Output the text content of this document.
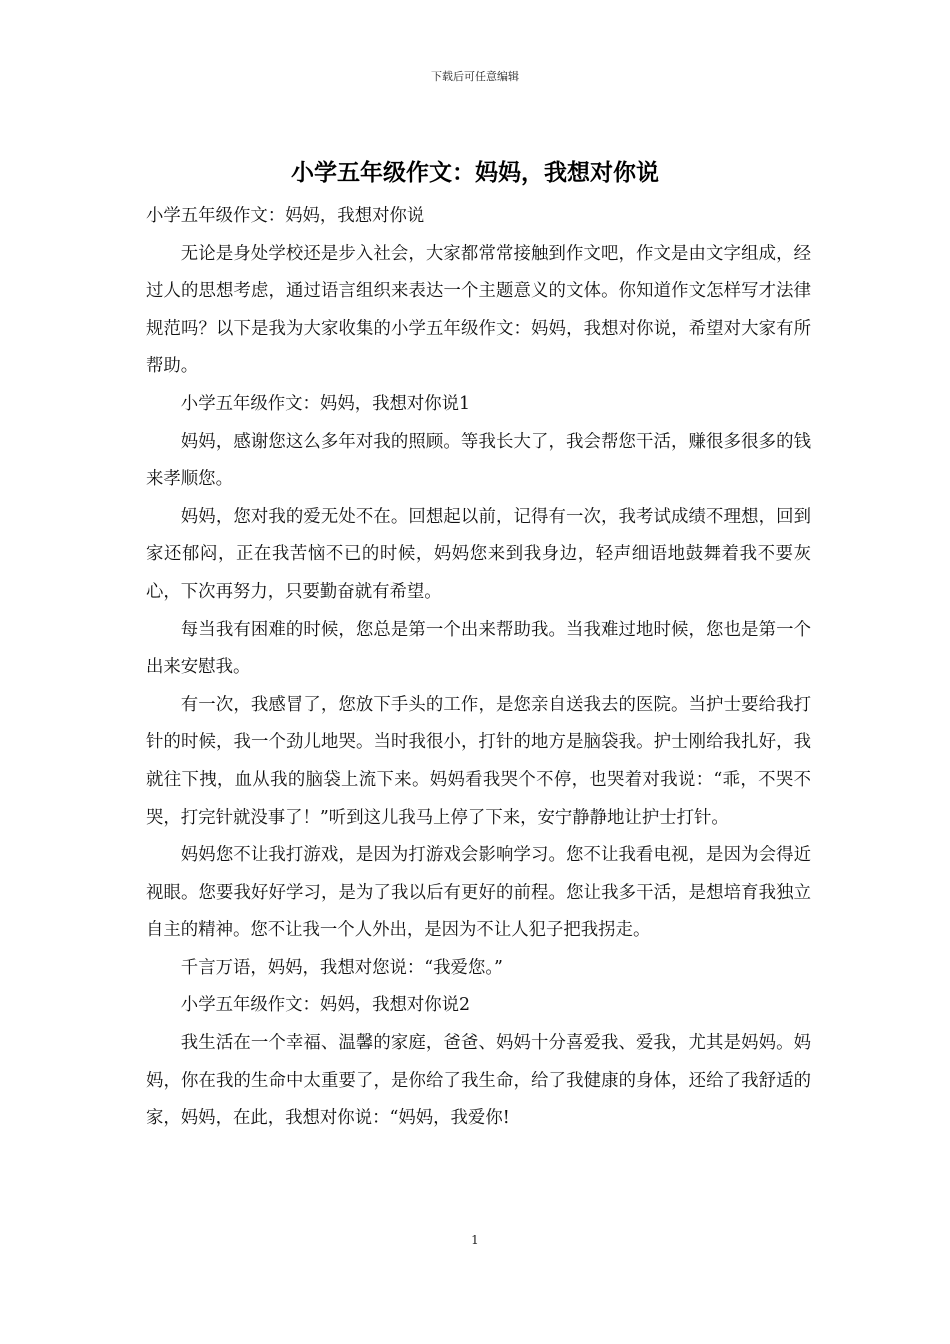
下载后可任意编辑
小学五年级作文：妈妈，我想对你说

小学五年级作文：妈妈，我想对你说

无论是身处学校还是步入社会，大家都常常接触到作文吧，作文是由文字组成，经过人的思想考虑，通过语言组织来表达一个主题意义的文体。你知道作文怎样写才法律规范吗？以下是我为大家收集的小学五年级作文：妈妈，我想对你说，希望对大家有所帮助。

小学五年级作文：妈妈，我想对你说1

妈妈，感谢您这么多年对我的照顾。等我长大了，我会帮您干活，赚很多很多的钱来孝顺您。

妈妈，您对我的爱无处不在。回想起以前，记得有一次，我考试成绩不理想，回到家还郁闷，正在我苦恼不已的时候，妈妈您来到我身边，轻声细语地鼓舞着我不要灰心，下次再努力，只要勤奋就有希望。

每当我有困难的时候，您总是第一个出来帮助我。当我难过地时候，您也是第一个出来安慰我。

有一次，我感冒了，您放下手头的工作，是您亲自送我去的医院。当护士要给我打针的时候，我一个劲儿地哭。当时我很小，打针的地方是脑袋我。护士刚给我扎好，我就往下拽，血从我的脑袋上流下来。妈妈看我哭个不停，也哭着对我说：“乖，不哭不哭，打完针就没事了！”听到这儿我马上停了下来，安宁静静地让护士打针。

妈妈您不让我打游戏，是因为打游戏会影响学习。您不让我看电视，是因为会得近视眼。您要我好好学习，是为了我以后有更好的前程。您让我多干活，是想培育我独立自主的精神。您不让我一个人外出，是因为不让人犯子把我拐走。

千言万语，妈妈，我想对您说：“我爱您。”

小学五年级作文：妈妈，我想对你说2

我生活在一个幸福、温馨的家庭，爸爸、妈妈十分喜爱我、爱我，尤其是妈妈。妈妈，你在我的生命中太重要了，是你给了我生命，给了我健康的身体，还给了我舒适的家，妈妈，在此，我想对你说：“妈妈，我爱你!

1
